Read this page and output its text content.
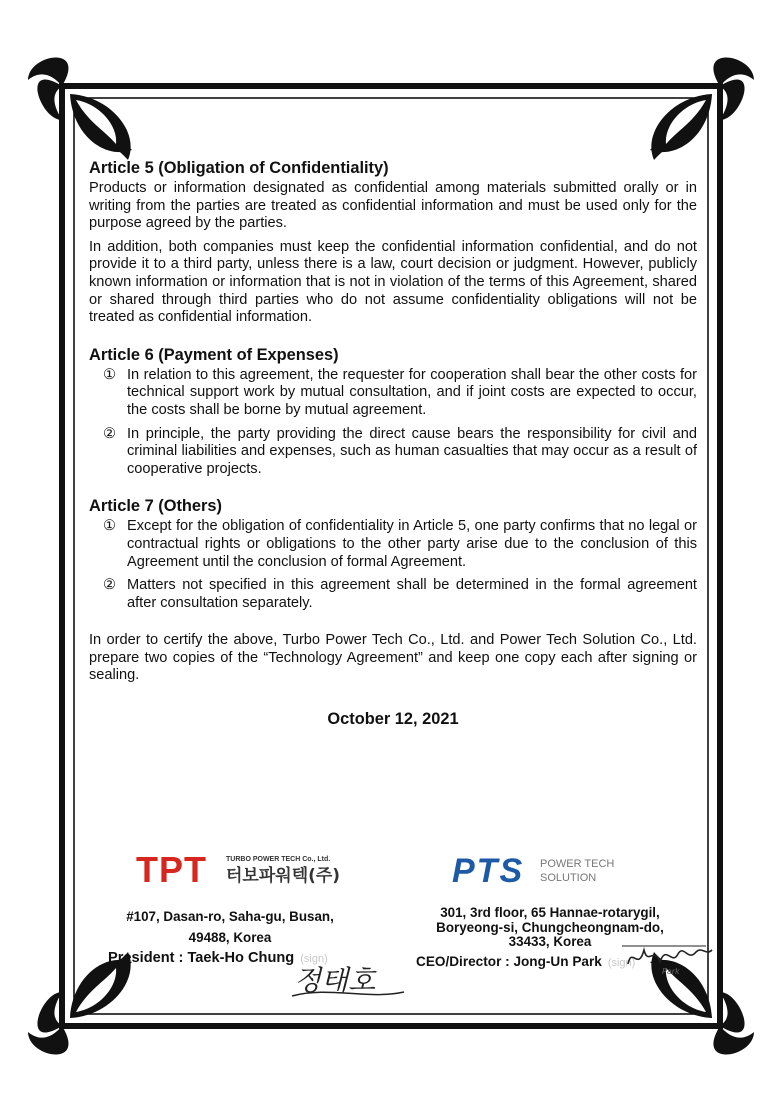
Article 5 (Obligation of Confidentiality)

Products or information designated as confidential among materials submitted orally or in writing from the parties are treated as confidential information and must be used only for the purpose agreed by the parties.

In addition, both companies must keep the confidential information confidential, and do not provide it to a third party, unless there is a law, court decision or judgment. However, publicly known information or information that is not in violation of the terms of this Agreement, shared or shared through third parties who do not assume confidentiality obligations will not be treated as confidential information.

Article 6 (Payment of Expenses)
① In relation to this agreement, the requester for cooperation shall bear the other costs for technical support work by mutual consultation, and if joint costs are expected to occur, the costs shall be borne by mutual agreement.

② In principle, the party providing the direct cause bears the responsibility for civil and criminal liabilities and expenses, such as human casualties that may occur as a result of cooperative projects.

Article 7 (Others)
① Except for the obligation of confidentiality in Article 5, one party confirms that no legal or contractual rights or obligations to the other party arise due to the conclusion of this Agreement until the conclusion of formal Agreement.

② Matters not specified in this agreement shall be determined in the formal agreement after consultation separately.

In order to certify the above, Turbo Power Tech Co., Ltd. and Power Tech Solution Co., Ltd. prepare two copies of the “Technology Agreement” and keep one copy each after signing or sealing.

October 12, 2021
TPT	TURBO POWER TECH Co., Ltd.
터보파워텍(주)	PTS POWER TECH
SOLUTION
#107, Dasan-ro, Saha-gu, Busan,
49488, Korea
301, 3rd floor, 65 Hannae-rotarygil,
Boryeong-si, Chungcheongnam-do,
33433, Korea
President : Taek-Ho Chung (sign)	CEO/Director : Jong-Un Park (sign)
정태호	Park
